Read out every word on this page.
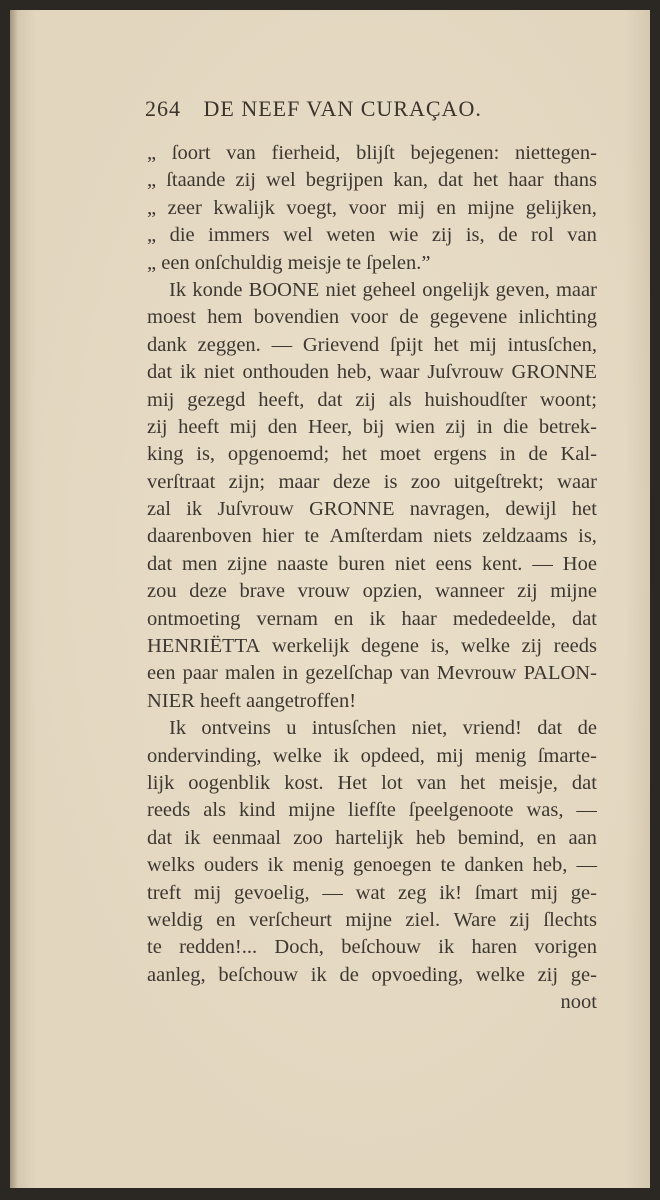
264 DE NEEF VAN CURAÇAO.
„ ſoort van fierheid, blijſt bejegenen: niettegen-
„ ſtaande zij wel begrijpen kan, dat het haar thans
„ zeer kwalijk voegt, voor mij en mijne gelijken,
„ die immers wel weten wie zij is, de rol van
„ een onſchuldig meisje te ſpelen.”
Ik konde BOONE niet geheel ongelijk geven, maar
moest hem bovendien voor de gegevene inlichting
dank zeggen. — Grievend ſpijt het mij intusſchen,
dat ik niet onthouden heb, waar Juſvrouw GRONNE
mij gezegd heeft, dat zij als huishoudſter woont;
zij heeft mij den Heer, bij wien zij in die betrek-
king is, opgenoemd; het moet ergens in de Kal-
verſtraat zijn; maar deze is zoo uitgeſtrekt; waar
zal ik Juſvrouw GRONNE navragen, dewijl het
daarenboven hier te Amſterdam niets zeldzaams is,
dat men zijne naaste buren niet eens kent. — Hoe
zou deze brave vrouw opzien, wanneer zij mijne
ontmoeting vernam en ik haar mededeelde, dat
HENRIËTTA werkelijk degene is, welke zij reeds
een paar malen in gezelſchap van Mevrouw PALON-
NIER heeft aangetroffen!
Ik ontveins u intusſchen niet, vriend! dat de
ondervinding, welke ik opdeed, mij menig ſmarte-
lijk oogenblik kost. Het lot van het meisje, dat
reeds als kind mijne liefſte ſpeelgenoote was, —
dat ik eenmaal zoo hartelijk heb bemind, en aan
welks ouders ik menig genoegen te danken heb, —
treft mij gevoelig, — wat zeg ik! ſmart mij ge-
weldig en verſcheurt mijne ziel. Ware zij ſlechts
te redden!... Doch, beſchouw ik haren vorigen
aanleg, beſchouw ik de opvoeding, welke zij ge-
noot
